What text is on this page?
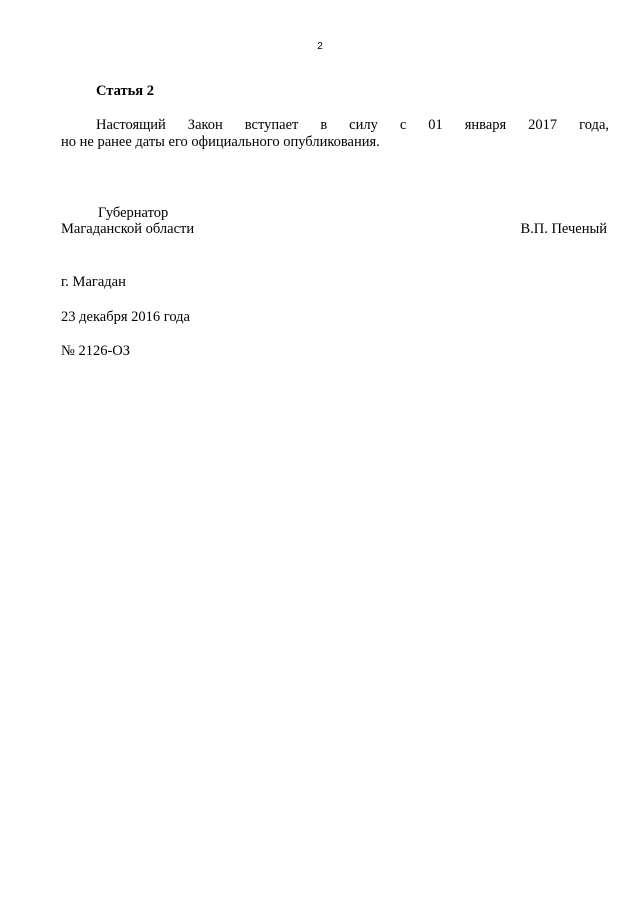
2
Статья 2
Настоящий Закон вступает в силу с 01 января 2017 года,
но не ранее даты его официального опубликования.
Губернатор
Магаданской области	В.П. Печеный
г. Магадан
23 декабря 2016 года
№ 2126-ОЗ
